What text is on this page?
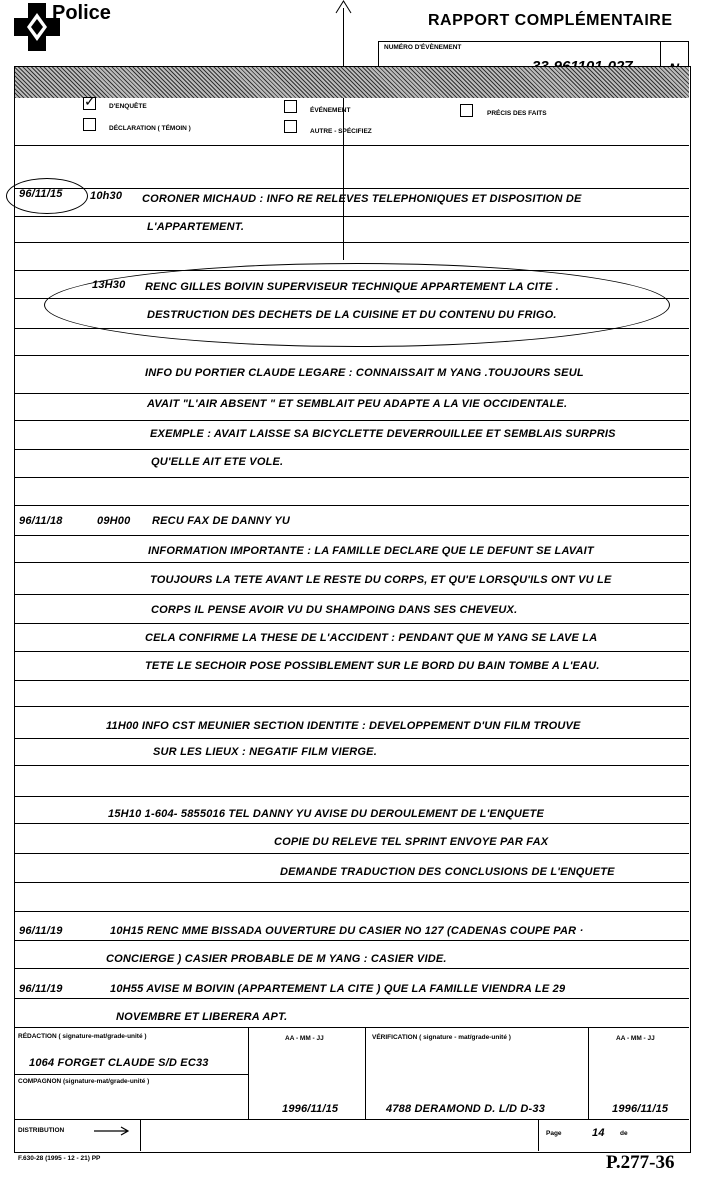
Police	RAPPORT COMPLÉMENTAIRE
NUMÉRO D'ÉVÈNEMENT
✓ D'ENQUÊTE
DÉCLARATION ( TÉMOIN )
ÉVÉNEMENT
AUTRE - SPÉCIFIEZ
PRÉCIS DES FAITS
96/11/15 10h30 CORONER MICHAUD : INFO RE RELEVES TELEPHONIQUES ET DISPOSITION DE
L'APPARTEMENT.
13H30 RENC GILLES BOIVIN SUPERVISEUR TECHNIQUE APPARTEMENT LA CITE .
DESTRUCTION DES DECHETS DE LA CUISINE ET DU CONTENU DU FRIGO.
INFO DU PORTIER CLAUDE LEGARE : CONNAISSAIT M YANG .TOUJOURS SEUL
AVAIT "L'AIR ABSENT " ET SEMBLAIT PEU ADAPTE A LA VIE OCCIDENTALE.
EXEMPLE : AVAIT LAISSE SA BICYCLETTE DEVERROUILLEE ET SEMBLAIS SURPRIS
QU'ELLE AIT ETE VOLE.
96/11/18	09H00 RECU FAX DE DANNY YU
INFORMATION IMPORTANTE : LA FAMILLE DECLARE QUE LE DEFUNT SE LAVAIT
TOUJOURS LA TETE AVANT LE RESTE DU CORPS, ET QU'E LORSQU'ILS ONT VU LE
CORPS IL PENSE AVOIR VU DU SHAMPOING DANS SES CHEVEUX.
CELA CONFIRME LA THESE DE L'ACCIDENT : PENDANT QUE M YANG SE LAVE LA
TETE LE SECHOIR POSE POSSIBLEMENT SUR LE BORD DU BAIN TOMBE A L'EAU.
11H00 INFO CST MEUNIER SECTION IDENTITE : DEVELOPPEMENT D'UN FILM TROUVE
SUR LES LIEUX : NEGATIF FILM VIERGE.
15H10 1-604- 5855016 TEL DANNY YU AVISE DU DEROULEMENT DE L'ENQUETE
COPIE DU RELEVE TEL SPRINT ENVOYE PAR FAX
DEMANDE TRADUCTION DES CONCLUSIONS DE L'ENQUETE
96/11/19	10H15 RENC MME BISSADA OUVERTURE DU CASIER NO 127 (CADENAS COUPE PAR ·
CONCIERGE ) CASIER PROBABLE DE M YANG : CASIER VIDE.
96/11/19	10H55 AVISE M BOIVIN (APPARTEMENT LA CITE ) QUE LA FAMILLE VIENDRA LE 29
NOVEMBRE ET LIBERERA APT.
RÉDACTION ( signature-mat/grade-unité )
1064 FORGET CLAUDE S/D EC33
AA - MM - JJ
COMPAGNON (signature-mat/grade-unité )
1996/11/15
VÉRIFICATION ( signature - mat/grade-unité )
4788 DERAMOND D. L/D D-33
AA - MM - JJ
1996/11/15
DISTRIBUTION	Page	14 de
F.630-28 (1995 - 12 - 21) PP	P.277-36
